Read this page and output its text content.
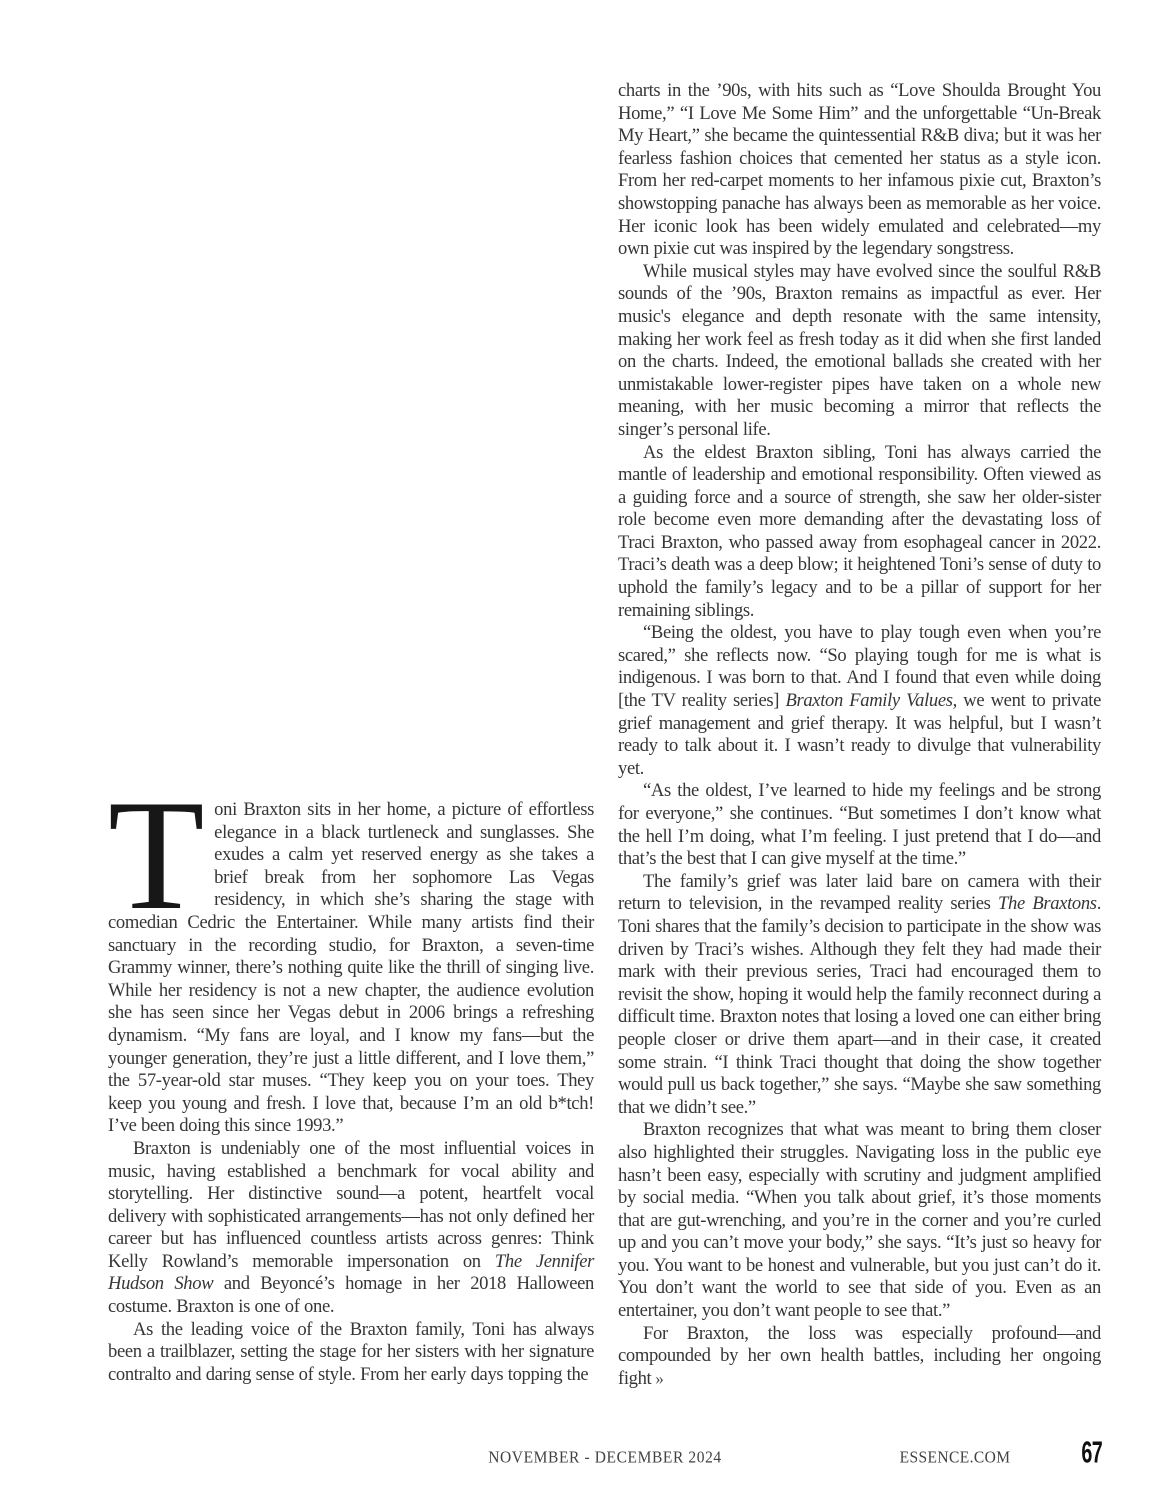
Toni Braxton sits in her home, a picture of effortless elegance in a black turtleneck and sunglasses. She exudes a calm yet reserved energy as she takes a brief break from her sophomore Las Vegas residency, in which she’s sharing the stage with comedian Cedric the Entertainer. While many artists find their sanctuary in the recording studio, for Braxton, a seven-time Grammy winner, there’s nothing quite like the thrill of singing live. While her residency is not a new chapter, the audience evolution she has seen since her Vegas debut in 2006 brings a refreshing dynamism. “My fans are loyal, and I know my fans—but the younger generation, they’re just a little different, and I love them,” the 57-year-old star muses. “They keep you on your toes. They keep you young and fresh. I love that, because I’m an old b*tch! I’ve been doing this since 1993.”

Braxton is undeniably one of the most influential voices in music, having established a benchmark for vocal ability and storytelling. Her distinctive sound—a potent, heartfelt vocal delivery with sophisticated arrangements—has not only defined her career but has influenced countless artists across genres: Think Kelly Rowland’s memorable impersonation on The Jennifer Hudson Show and Beyoncé’s homage in her 2018 Halloween costume. Braxton is one of one.

As the leading voice of the Braxton family, Toni has always been a trailblazer, setting the stage for her sisters with her signature contralto and daring sense of style. From her early days topping the

charts in the ’90s, with hits such as “Love Shoulda Brought You Home,” “I Love Me Some Him” and the unforgettable “Un-Break My Heart,” she became the quintessential R&B diva; but it was her fearless fashion choices that cemented her status as a style icon. From her red-carpet moments to her infamous pixie cut, Braxton’s showstopping panache has always been as memorable as her voice. Her iconic look has been widely emulated and celebrated—my own pixie cut was inspired by the legendary songstress.

While musical styles may have evolved since the soulful R&B sounds of the ’90s, Braxton remains as impactful as ever. Her music's elegance and depth resonate with the same intensity, making her work feel as fresh today as it did when she first landed on the charts. Indeed, the emotional ballads she created with her unmistakable lower-register pipes have taken on a whole new meaning, with her music becoming a mirror that reflects the singer’s personal life.

As the eldest Braxton sibling, Toni has always carried the mantle of leadership and emotional responsibility. Often viewed as a guiding force and a source of strength, she saw her older-sister role become even more demanding after the devastating loss of Traci Braxton, who passed away from esophageal cancer in 2022. Traci’s death was a deep blow; it heightened Toni’s sense of duty to uphold the family’s legacy and to be a pillar of support for her remaining siblings.

“Being the oldest, you have to play tough even when you’re scared,” she reflects now. “So playing tough for me is what is indigenous. I was born to that. And I found that even while doing [the TV reality series] Braxton Family Values, we went to private grief management and grief therapy. It was helpful, but I wasn’t ready to talk about it. I wasn’t ready to divulge that vulnerability yet.

“As the oldest, I’ve learned to hide my feelings and be strong for everyone,” she continues. “But sometimes I don’t know what the hell I’m doing, what I’m feeling. I just pretend that I do—and that’s the best that I can give myself at the time.”

The family’s grief was later laid bare on camera with their return to television, in the revamped reality series The Braxtons. Toni shares that the family’s decision to participate in the show was driven by Traci’s wishes. Although they felt they had made their mark with their previous series, Traci had encouraged them to revisit the show, hoping it would help the family reconnect during a difficult time. Braxton notes that losing a loved one can either bring people closer or drive them apart—and in their case, it created some strain. “I think Traci thought that doing the show together would pull us back together,” she says. “Maybe she saw something that we didn’t see.”

Braxton recognizes that what was meant to bring them closer also highlighted their struggles. Navigating loss in the public eye hasn’t been easy, especially with scrutiny and judgment amplified by social media. “When you talk about grief, it’s those moments that are gut-wrenching, and you’re in the corner and you’re curled up and you can’t move your body,” she says. “It’s just so heavy for you. You want to be honest and vulnerable, but you just can’t do it. You don’t want the world to see that side of you. Even as an entertainer, you don’t want people to see that.”

For Braxton, the loss was especially profound—and compounded by her own health battles, including her ongoing fight »

NOVEMBER - DECEMBER 2024	ESSENCE.COM	67
